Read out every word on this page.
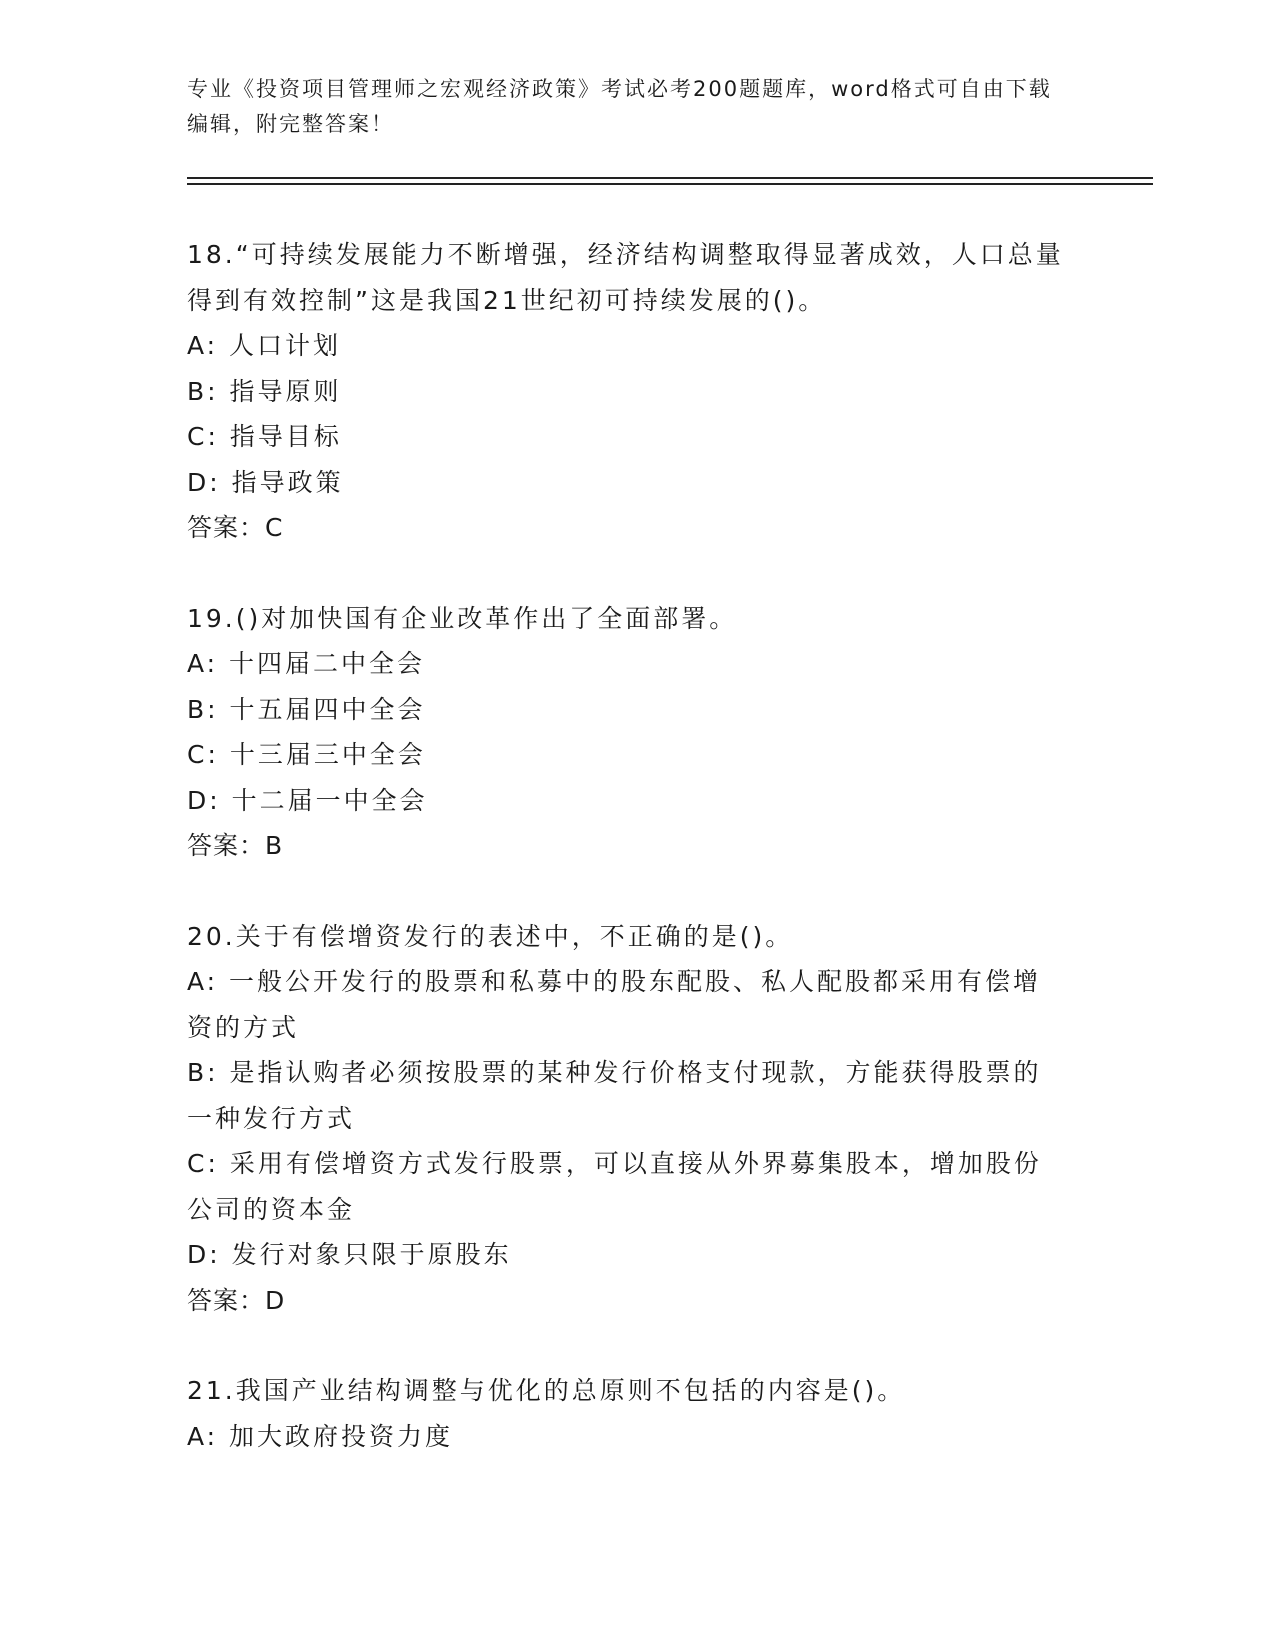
专业《投资项目管理师之宏观经济政策》考试必考200题题库，word格式可自由下载编辑，附完整答案！

18.“可持续发展能力不断增强，经济结构调整取得显著成效，人口总量得到有效控制”这是我国21世纪初可持续发展的()。

A: 人口计划

B: 指导原则

C: 指导目标

D: 指导政策

答案：C

19.()对加快国有企业改革作出了全面部署。

A: 十四届二中全会

B: 十五届四中全会

C: 十三届三中全会

D: 十二届一中全会

答案：B

20.关于有偿增资发行的表述中，不正确的是()。

A: 一般公开发行的股票和私募中的股东配股、私人配股都采用有偿增资的方式

B: 是指认购者必须按股票的某种发行价格支付现款，方能获得股票的一种发行方式

C: 采用有偿增资方式发行股票，可以直接从外界募集股本，增加股份公司的资本金

D: 发行对象只限于原股东

答案：D

21.我国产业结构调整与优化的总原则不包括的内容是()。

A: 加大政府投资力度
